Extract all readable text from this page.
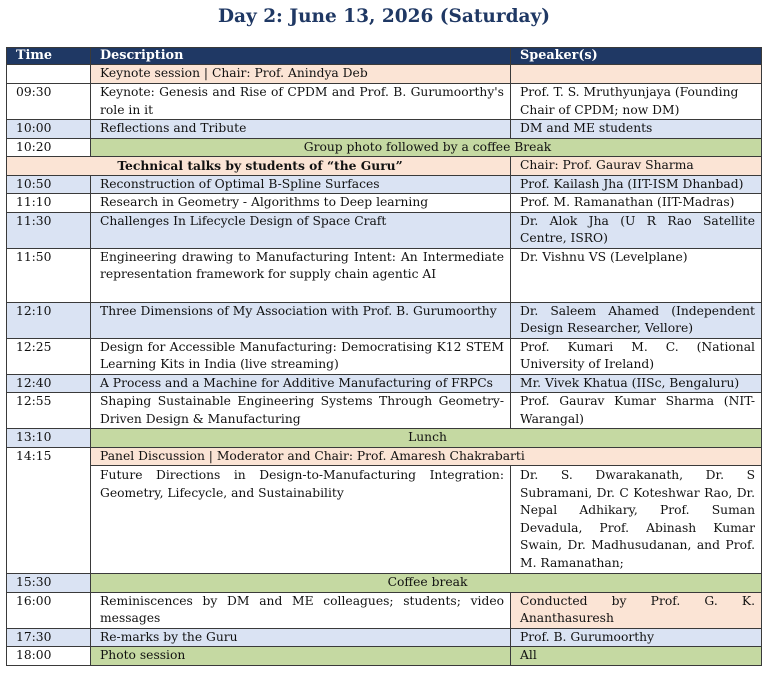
Day 2: June 13, 2026 (Saturday)
Time	Description	Speaker(s)
	Keynote session | Chair: Prof. Anindya Deb	
09:30	Keynote: Genesis and Rise of CPDM and Prof. B. Gurumoorthy's role in it	Prof. T. S. Mruthyunjaya (Founding Chair of CPDM; now DM)
10:00	Reflections and Tribute	DM and ME students
10:20	Group photo followed by a coffee Break	
Technical talks by students of “the Guru”		Chair: Prof. Gaurav Sharma
10:50	Reconstruction of Optimal B-Spline Surfaces	Prof. Kailash Jha (IIT-ISM Dhanbad)
11:10	Research in Geometry - Algorithms to Deep learning	Prof. M. Ramanathan (IIT-Madras)
11:30	Challenges In Lifecycle Design of Space Craft	Dr. Alok Jha (U R Rao Satellite Centre, ISRO)
11:50	Engineering drawing to Manufacturing Intent: An Intermediate representation framework for supply chain agentic AI	Dr. Vishnu VS (Levelplane)
12:10	Three Dimensions of My Association with Prof. B. Gurumoorthy	Dr. Saleem Ahamed (Independent Design Researcher, Vellore)
12:25	Design for Accessible Manufacturing: Democratising K12 STEM Learning Kits in India (live streaming)	Prof. Kumari M. C. (National University of Ireland)
12:40	A Process and a Machine for Additive Manufacturing of FRPCs	Mr. Vivek Khatua (IISc, Bengaluru)
12:55	Shaping Sustainable Engineering Systems Through Geometry-Driven Design & Manufacturing	Prof. Gaurav Kumar Sharma (NIT-Warangal)
13:10	Lunch	
14:15	Panel Discussion | Moderator and Chair: Prof. Amaresh Chakrabarti	
	Future Directions in Design-to-Manufacturing Integration: Geometry, Lifecycle, and Sustainability	Dr. S. Dwarakanath, Dr. S Subramani, Dr. C Koteshwar Rao, Dr. Nepal Adhikary, Prof. Suman Devadula, Prof. Abinash Kumar Swain, Dr. Madhusudanan, and Prof. M. Ramanathan;
15:30	Coffee break	
16:00	Reminiscences by DM and ME colleagues; students; video messages	Conducted by Prof. G. K. Ananthasuresh
17:30	Re-marks by the Guru	Prof. B. Gurumoorthy
18:00	Photo session	All
